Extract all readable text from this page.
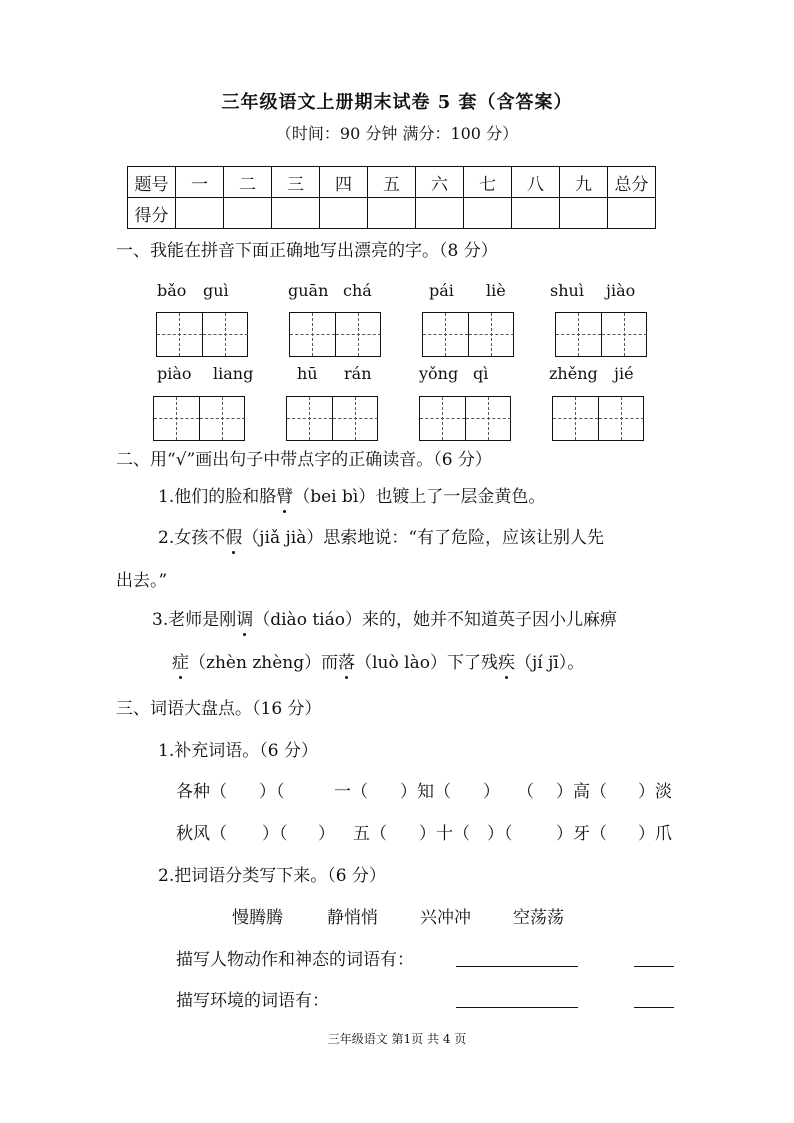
三年级语文上册期末试卷 5 套（含答案）
（时间：90 分钟 满分：100 分）
题号	一	二	三	四	五	六	七	八	九	总分
得分										
一、我能在拼音下面正确地写出漂亮的字。（8 分）
bǎo guì	guān chá	pái liè	shuì jiào
piào liang	hū rán	yǒng qì	zhěng jié
二、用“√”画出句子中带点字的正确读音。（6 分）
1.他们的脸和胳臂（bei bì）也镀上了一层金黄色。
2.女孩不假（jiǎ jià）思索地说：“有了危险，应该让别人先
出去。”
3.老师是刚调（diào tiáo）来的，她并不知道英子因小儿麻痹
症（zhèn zhèng）而落（luò lào）下了残疾（jí jī）。
三、词语大盘点。（16 分）
1.补充词语。（6 分）
各种（ ）（	一（ ）知（ ） （ ）高（ ）淡
秋风（ ）（ ） 五（ ）十（ ）（	）牙（ ）爪
2.把词语分类写下来。（6 分）
慢腾腾	静悄悄 兴冲冲 空荡荡
描写人物动作和神态的词语有：
描写环境的词语有：
三年级语文 第1页 共 4 页
